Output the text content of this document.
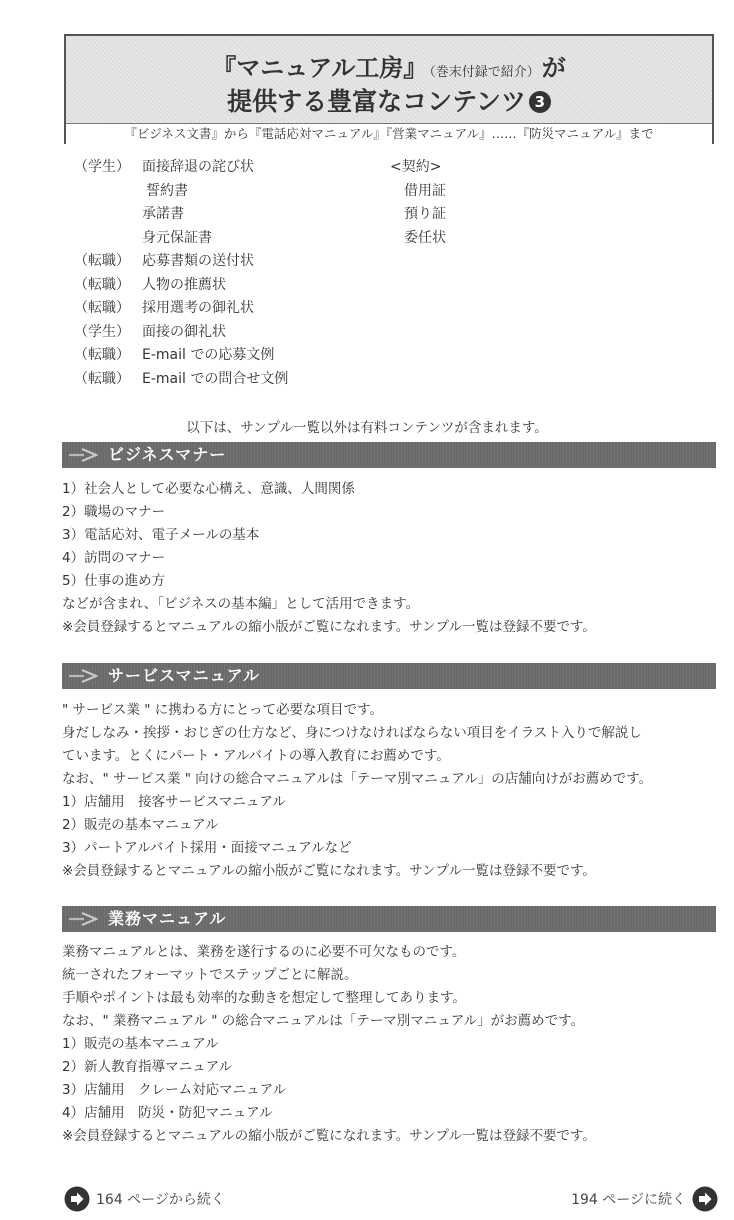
『マニュアル工房』 （巻末付録で紹介）が
提供する豊富なコンテンツ 3
『ビジネス文書』から『電話応対マニュアル』『営業マニュアル』……『防災マニュアル』まで
（学生） 面接辞退の詫び状
誓約書
承諾書
身元保証書
（転職） 応募書類の送付状
（転職） 人物の推薦状
（転職） 採用選考の御礼状
（学生） 面接の御礼状
（転職） E-mail での応募文例
（転職） E-mail での問合せ文例
<契約>
借用証
預り証
委任状
以下は、サンプル一覧以外は有料コンテンツが含まれます。
ビジネスマナー
1）社会人として必要な心構え、意識、人間関係
2）職場のマナー
3）電話応対、電子メールの基本
4）訪問のマナー
5）仕事の進め方
などが含まれ、「ビジネスの基本編」として活用できます。
※会員登録するとマニュアルの縮小版がご覧になれます。サンプル一覧は登録不要です。
サービスマニュアル
" サービス業 " に携わる方にとって必要な項目です。
身だしなみ・挨拶・おじぎの仕方など、身につけなければならない項目をイラスト入りで解説し
ています。とくにパート・アルバイトの導入教育にお薦めです。
なお、" サービス業 " 向けの総合マニュアルは「テーマ別マニュアル」の店舗向けがお薦めです。
1）店舗用　接客サービスマニュアル
2）販売の基本マニュアル
3）パートアルバイト採用・面接マニュアルなど
※会員登録するとマニュアルの縮小版がご覧になれます。サンプル一覧は登録不要です。
業務マニュアル
業務マニュアルとは、業務を遂行するのに必要不可欠なものです。
統一されたフォーマットでステップごとに解説。
手順やポイントは最も効率的な動きを想定して整理してあります。
なお、" 業務マニュアル " の総合マニュアルは「テーマ別マニュアル」がお薦めです。
1）販売の基本マニュアル
2）新人教育指導マニュアル
3）店舗用　クレーム対応マニュアル
4）店舗用　防災・防犯マニュアル
※会員登録するとマニュアルの縮小版がご覧になれます。サンプル一覧は登録不要です。
164 ページから続く	194 ページに続く
